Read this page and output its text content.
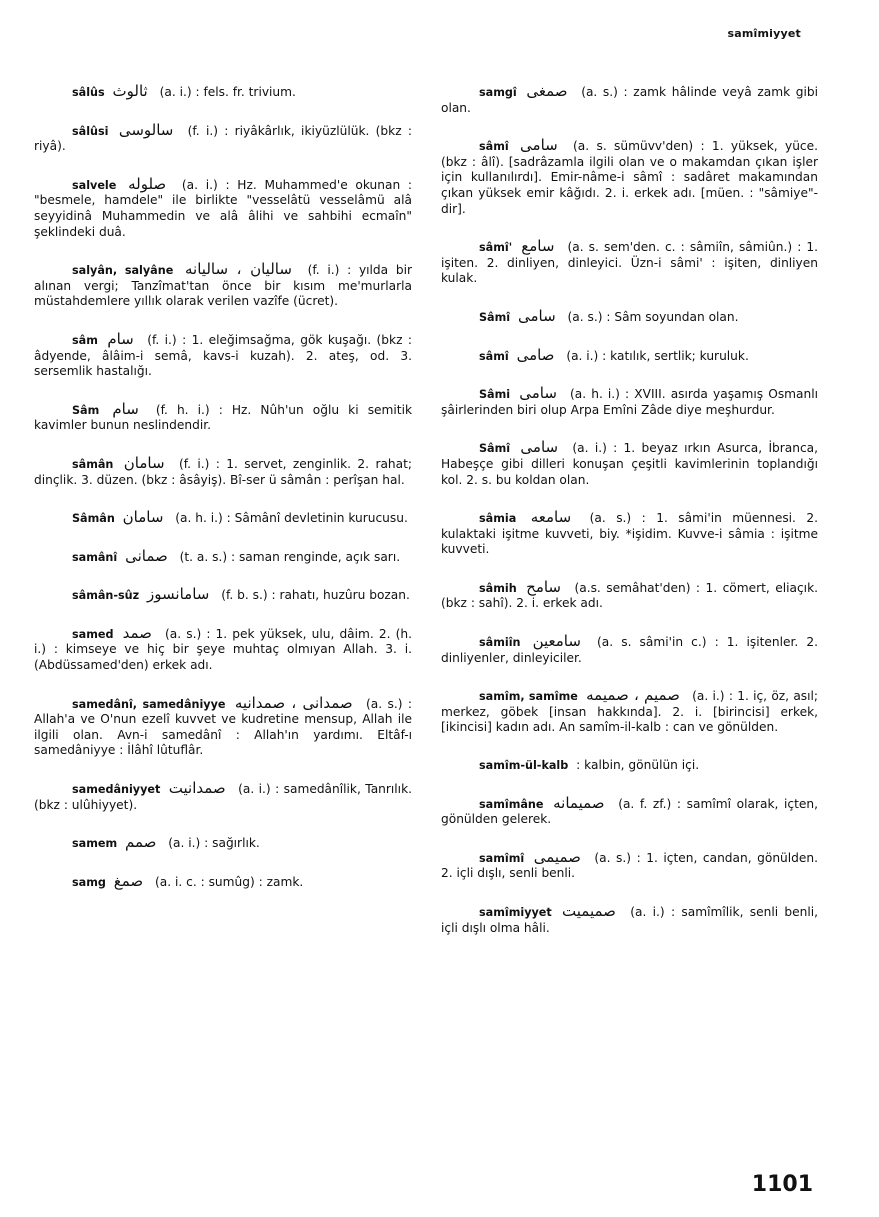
samîmiyyet

sâlûs ثالوث (a. i.) : fels. fr. trivium.

sâlûsi سالوسی (f. i.) : riyâkârlık, ikiyüzlülük. (bkz : riyâ).

salvele صلوله (a. i.) : Hz. Muhammed'e okunan : "besmele, hamdele" ile birlikte "vesselâtü vesselâmü alâ seyyidinâ Muhammedin ve alâ âlihi ve sahbihi ecmaîn" şeklindeki duâ.

salyân, salyâne سالیان ، سالیانه (f. i.) : yılda bir alınan vergi; Tanzîmat'tan önce bir kısım me'murlarla müstahdemlere yıllık olarak verilen vazîfe (ücret).

sâm سام (f. i.) : 1. eleğimsağma, gök kuşağı. (bkz : âdyende, âlâim-i semâ, kavs-i kuzah). 2. ateş, od. 3. sersemlik hastalığı.

Sâm سام (f. h. i.) : Hz. Nûh'un oğlu ki semitik kavimler bunun neslindendir.

sâmân سامان (f. i.) : 1. servet, zenginlik. 2. rahat; dinçlik. 3. düzen. (bkz : âsâyiş). Bî-ser ü sâmân : perîşan hal.

Sâmân سامان (a. h. i.) : Sâmânî devletinin kurucusu.

samânî صمانی (t. a. s.) : saman renginde, açık sarı.

sâmân-sûz سامانسوز (f. b. s.) : rahatı, huzûru bozan.

samed صمد (a. s.) : 1. pek yüksek, ulu, dâim. 2. (h. i.) : kimseye ve hiç bir şeye muhtaç olmıyan Allah. 3. i. (Abdüssamed'den) erkek adı.

samedânî, samedâniyye صمدانی ، صمدانیه (a. s.) : Allah'a ve O'nun ezelî kuvvet ve kudretine mensup, Allah ile ilgili olan. Avn-i samedânî : Allah'ın yardımı. Eltâf-ı samedâniyye : İlâhî lûtuflâr.

samedâniyyet صمدانیت (a. i.) : samedânîlik, Tanrılık. (bkz : ulûhiyyet).

samem صمم (a. i.) : sağırlık.

samg صمغ (a. i. c. : sumûg) : zamk.

samgî صمغی (a. s.) : zamk hâlinde veyâ zamk gibi olan.

sâmî سامی (a. s. sümüvv'den) : 1. yüksek, yüce. (bkz : âlî). [sadrâzamla ilgili olan ve o makamdan çıkan işler için kullanılırdı]. Emir-nâme-i sâmî : sadâret makamından çıkan yüksek emir kâğıdı. 2. i. erkek adı. [müen. : "sâmiye"-dir].

sâmî' سامع (a. s. sem'den. c. : sâmiîn, sâmiûn.) : 1. işiten. 2. dinliyen, dinleyici. Üzn-i sâmi' : işiten, dinliyen kulak.

Sâmî سامی (a. s.) : Sâm soyundan olan.

sâmî صامی (a. i.) : katılık, sertlik; kuruluk.

Sâmi سامی (a. h. i.) : XVIII. asırda yaşamış Osmanlı şâirlerinden biri olup Arpa Emîni Zâde diye meşhurdur.

Sâmî سامی (a. i.) : 1. beyaz ırkın Asurca, İbranca, Habeşçe gibi dilleri konuşan çeşitli kavimlerinin toplandığı kol. 2. s. bu koldan olan.

sâmia سامعه (a. s.) : 1. sâmi'in müennesi. 2. kulaktaki işitme kuvveti, biy. *işidim. Kuvve-i sâmia : işitme kuvveti.

sâmih سامح (a.s. semâhat'den) : 1. cömert, eliaçık. (bkz : sahî). 2. i. erkek adı.

sâmiîn سامعین (a. s. sâmi'in c.) : 1. işitenler. 2. dinliyenler, dinleyiciler.

samîm, samîme صمیم ، صمیمه (a. i.) : 1. iç, öz, asıl; merkez, göbek [insan hakkında]. 2. i. [birincisi] erkek, [ikincisi] kadın adı. An samîm-il-kalb : can ve gönülden.

samîm-ül-kalb : kalbin, gönülün içi.

samîmâne صمیمانه (a. f. zf.) : samîmî olarak, içten, gönülden gelerek.

samîmî صمیمی (a. s.) : 1. içten, candan, gönülden. 2. içli dışlı, senli benli.

samîmiyyet صمیمیت (a. i.) : samîmîlik, senli benli, içli dışlı olma hâli.

1101
